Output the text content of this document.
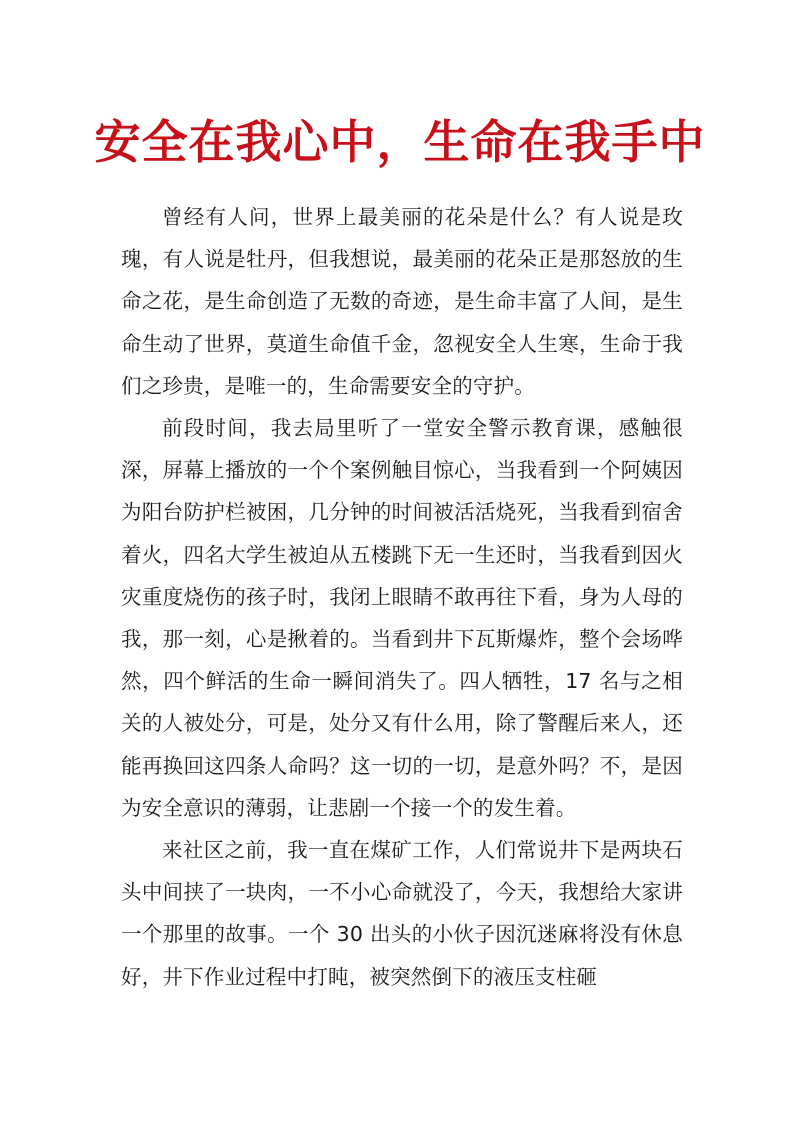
安全在我心中，生命在我手中

曾经有人问，世界上最美丽的花朵是什么？有人说是玫瑰，有人说是牡丹，但我想说，最美丽的花朵正是那怒放的生命之花，是生命创造了无数的奇迹，是生命丰富了人间，是生命生动了世界，莫道生命值千金，忽视安全人生寒，生命于我们之珍贵，是唯一的，生命需要安全的守护。

前段时间，我去局里听了一堂安全警示教育课，感触很深，屏幕上播放的一个个案例触目惊心，当我看到一个阿姨因为阳台防护栏被困，几分钟的时间被活活烧死，当我看到宿舍着火，四名大学生被迫从五楼跳下无一生还时，当我看到因火灾重度烧伤的孩子时，我闭上眼睛不敢再往下看，身为人母的我，那一刻，心是揪着的。当看到井下瓦斯爆炸，整个会场哗然，四个鲜活的生命一瞬间消失了。四人牺牲，17 名与之相关的人被处分，可是，处分又有什么用，除了警醒后来人，还能再换回这四条人命吗？这一切的一切，是意外吗？不，是因为安全意识的薄弱，让悲剧一个接一个的发生着。

来社区之前，我一直在煤矿工作，人们常说井下是两块石头中间挟了一块肉，一不小心命就没了，今天，我想给大家讲一个那里的故事。一个 30 出头的小伙子因沉迷麻将没有休息好，井下作业过程中打盹，被突然倒下的液压支柱砸
